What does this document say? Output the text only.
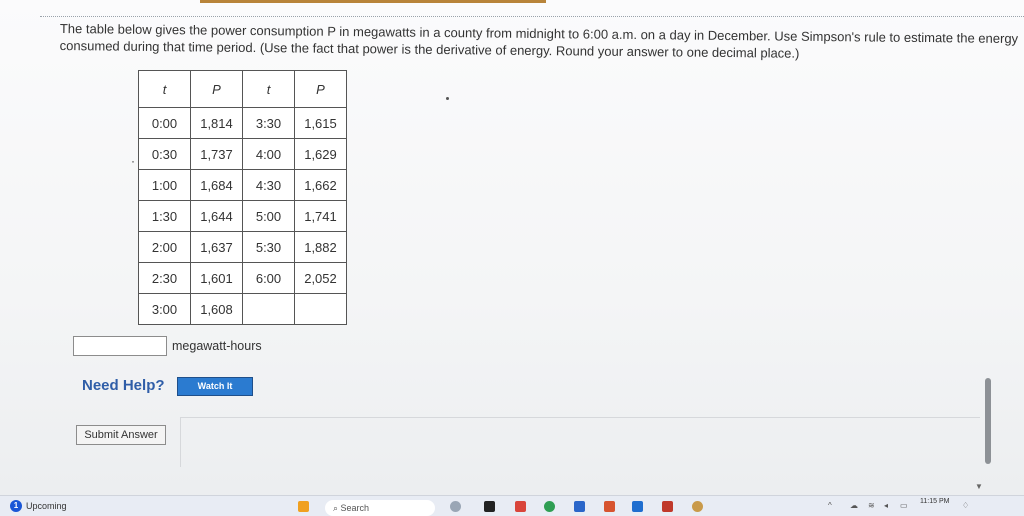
The table below gives the power consumption P in megawatts in a county from midnight to 6:00 a.m. on a day in December. Use Simpson's rule to estimate the energy consumed during that time period. (Use the fact that power is the derivative of energy. Round your answer to one decimal place.)
·
t	P	t	P
0:00	1,814	3:30	1,615
0:30	1,737	4:00	1,629
1:00	1,684	4:30	1,662
1:30	1,644	5:00	1,741
2:00	1,637	5:30	1,882
2:30	1,601	6:00	2,052
3:00	1,608		
megawatt-hours
Need Help?	Watch It
Submit Answer
▼
1 Upcoming	⌕ Search	^ ☁ ≋ ◂ ▭ 11:15 PM ♢
